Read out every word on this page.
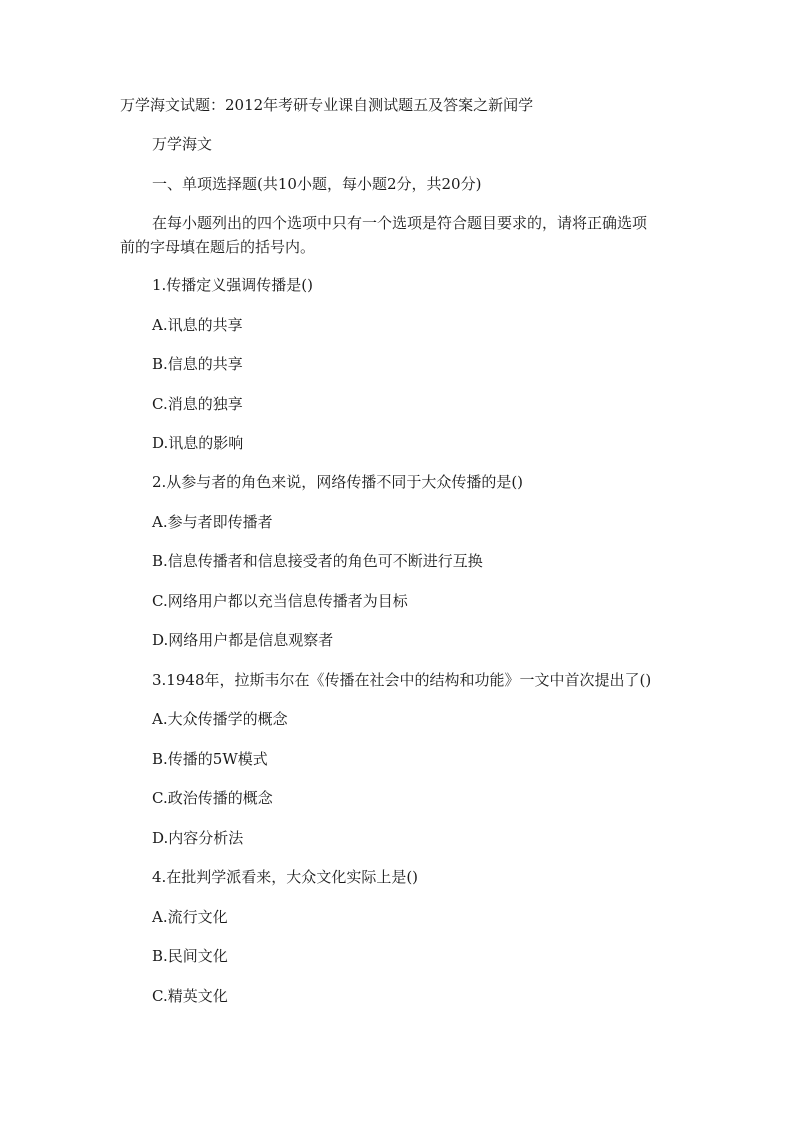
万学海文试题：2012年考研专业课自测试题五及答案之新闻学
万学海文
一、单项选择题(共10小题，每小题2分，共20分)
在每小题列出的四个选项中只有一个选项是符合题目要求的，请将正确选项
前的字母填在题后的括号内。
1.传播定义强调传播是()
A.讯息的共享
B.信息的共享
C.消息的独享
D.讯息的影响
2.从参与者的角色来说，网络传播不同于大众传播的是()
A.参与者即传播者
B.信息传播者和信息接受者的角色可不断进行互换
C.网络用户都以充当信息传播者为目标
D.网络用户都是信息观察者
3.1948年，拉斯韦尔在《传播在社会中的结构和功能》一文中首次提出了()
A.大众传播学的概念
B.传播的5W模式
C.政治传播的概念
D.内容分析法
4.在批判学派看来，大众文化实际上是()
A.流行文化
B.民间文化
C.精英文化
